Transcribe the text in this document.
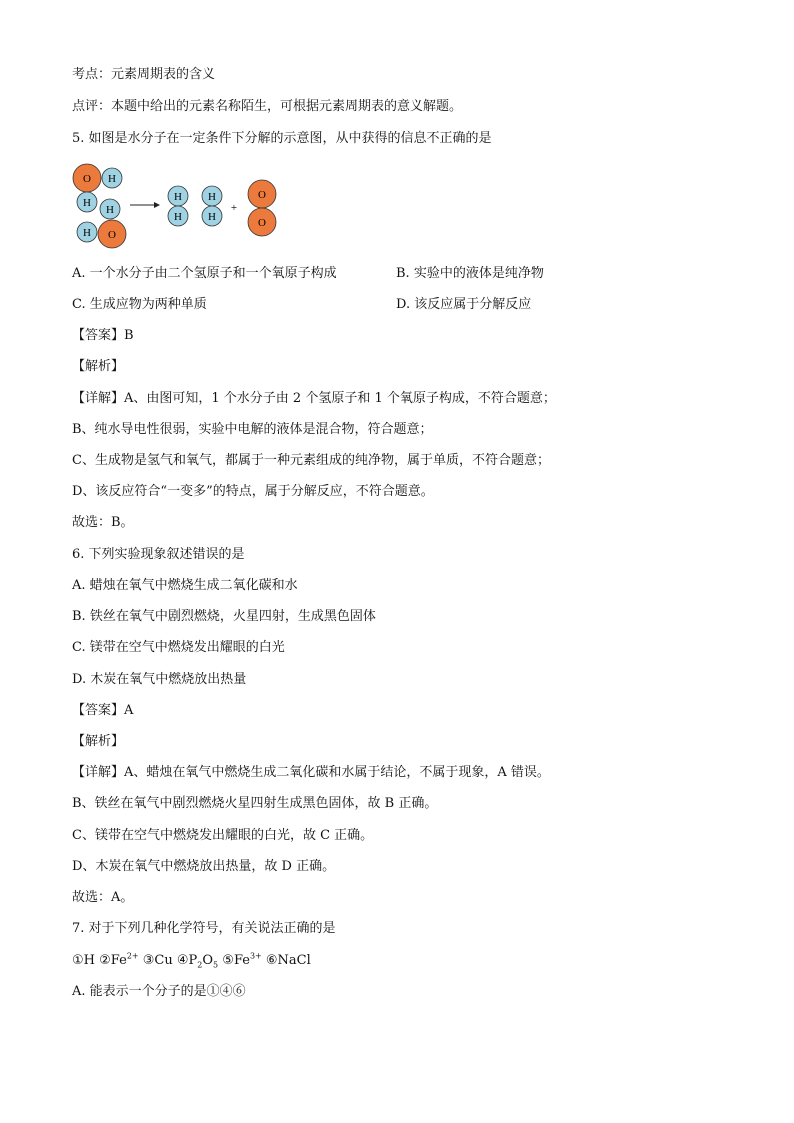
考点：元素周期表的含义
点评：本题中给出的元素名称陌生，可根据元素周期表的意义解题。
5. 如图是水分子在一定条件下分解的示意图，从中获得的信息不正确的是
O H
H
H
O
H
H
H
H
H
+
O
O
A. 一个水分子由二个氢原子和一个氧原子构成	B. 实验中的液体是纯净物
C. 生成应物为两种单质	D. 该反应属于分解反应
【答案】B
【解析】
【详解】A、由图可知，1 个水分子由 2 个氢原子和 1 个氧原子构成，不符合题意；
B、纯水导电性很弱，实验中电解的液体是混合物，符合题意；
C、生成物是氢气和氧气，都属于一种元素组成的纯净物，属于单质，不符合题意；
D、该反应符合“一变多”的特点，属于分解反应，不符合题意。
故选：B。
6. 下列实验现象叙述错误的是
A. 蜡烛在氧气中燃烧生成二氧化碳和水
B. 铁丝在氧气中剧烈燃烧，火星四射，生成黑色固体
C. 镁带在空气中燃烧发出耀眼的白光
D. 木炭在氧气中燃烧放出热量
【答案】A
【解析】
【详解】A、蜡烛在氧气中燃烧生成二氧化碳和水属于结论，不属于现象，A 错误。
B、铁丝在氧气中剧烈燃烧火星四射生成黑色固体，故 B 正确。
C、镁带在空气中燃烧发出耀眼的白光，故 C 正确。
D、木炭在氧气中燃烧放出热量，故 D 正确。
故选：A。
7. 对于下列几种化学符号，有关说法正确的是
①H $②Fe^{2+}$ ③Cu $④P_2O_5$ $⑤Fe^{3+}$ ⑥NaCl
A. 能表示一个分子的是①④⑥
